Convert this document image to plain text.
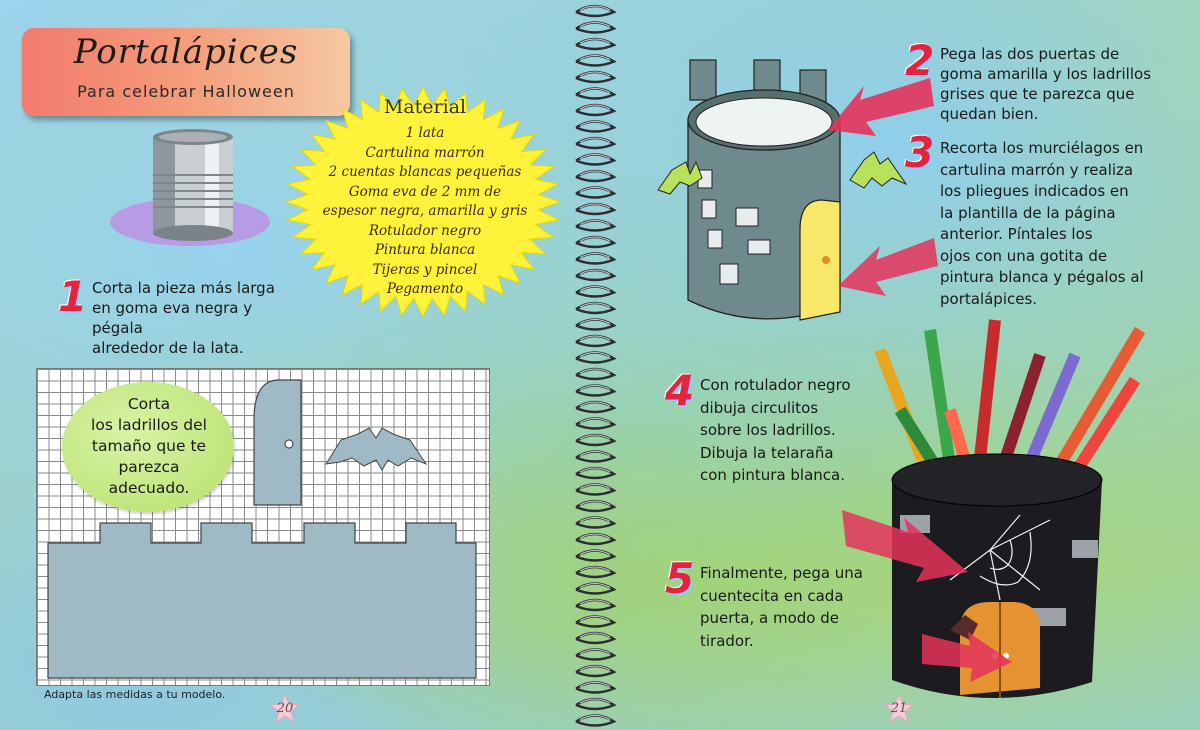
Portalápices
Para celebrar Halloween
Material
1 lata
Cartulina marrón
2 cuentas blancas pequeñas
Goma eva de 2 mm de
espesor negra, amarilla y gris
Rotulador negro
Pintura blanca
Tijeras y pincel
Pegamento
1 Corta la pieza más larga
en goma eva negra y pégala
alrededor de la lata.
Corta
los ladrillos del
tamaño que te
parezca
adecuado.
Adapta las medidas a tu modelo.
20
2 Pega las dos puertas de
goma amarilla y los ladrillos
grises que te parezca que
quedan bien.
3 Recorta los murciélagos en
cartulina marrón y realiza
los pliegues indicados en
la plantilla de la página
anterior. Píntales los
ojos con una gotita de
pintura blanca y pégalos al
portalápices.
4 Con rotulador negro
dibuja circulitos
sobre los ladrillos.
Dibuja la telaraña
con pintura blanca.
5 Finalmente, pega una
cuentecita en cada
puerta, a modo de
tirador.
21
